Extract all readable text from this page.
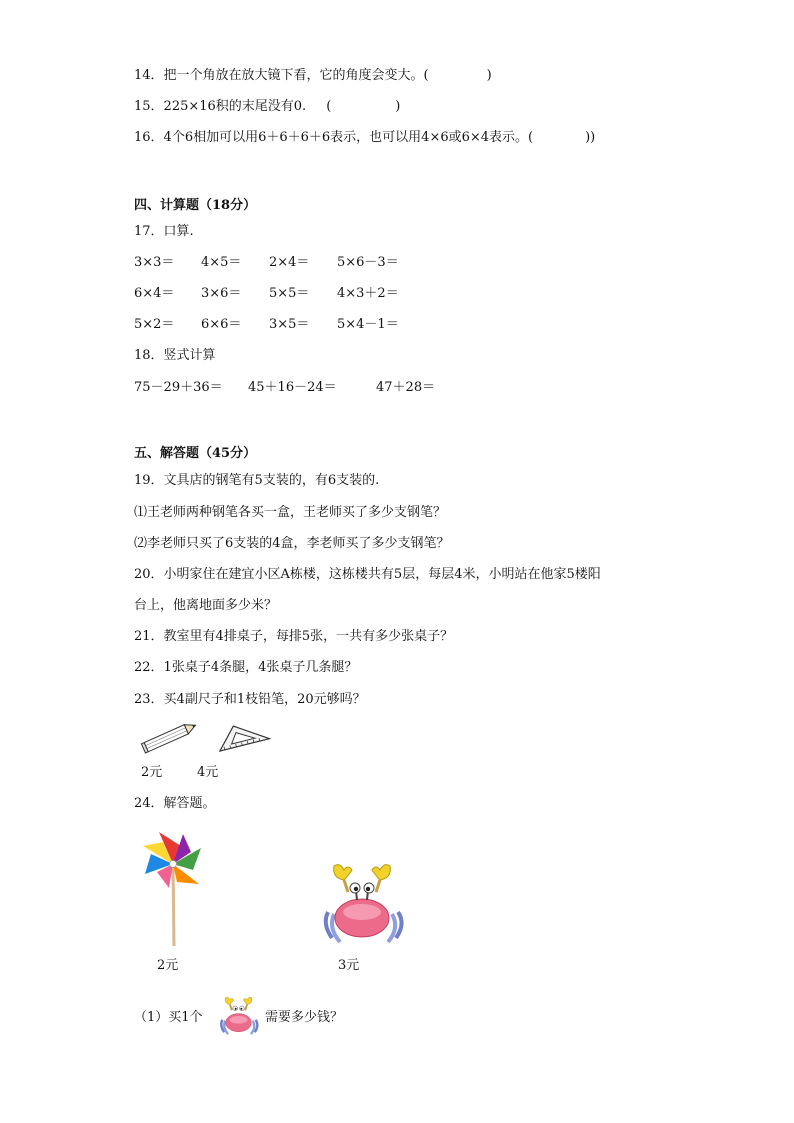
14．把一个角放在放大镜下看，它的角度会变大。(	)
15．225×16积的末尾没有0. (	)
16．4个6相加可以用6＋6＋6＋6表示，也可以用4×6或6×4表示。(	))
四、计算题（18分）
17．口算.
3×3＝ 4×5＝ 2×4＝ 5×6－3＝
6×4＝ 3×6＝ 5×5＝ 4×3＋2＝
5×2＝ 6×6＝ 3×5＝ 5×4－1＝
18．竖式计算
75－29＋36＝ 45＋16－24＝	47＋28＝
五、解答题（45分）
19．文具店的钢笔有5支装的，有6支装的.
⑴王老师两种钢笔各买一盒，王老师买了多少支钢笔？
⑵李老师只买了6支装的4盒，李老师买了多少支钢笔？
20．小明家住在建宜小区A栋楼，这栋楼共有5层，每层4米，小明站在他家5楼阳
台上，他离地面多少米？
21．教室里有4排桌子，每排5张，一共有多少张桌子？
22．1张桌子4条腿，4张桌子几条腿？
23．买4副尺子和1枝铅笔，20元够吗？
2元	4元
24．解答题。
2元	3元
（1）买1个	需要多少钱？
